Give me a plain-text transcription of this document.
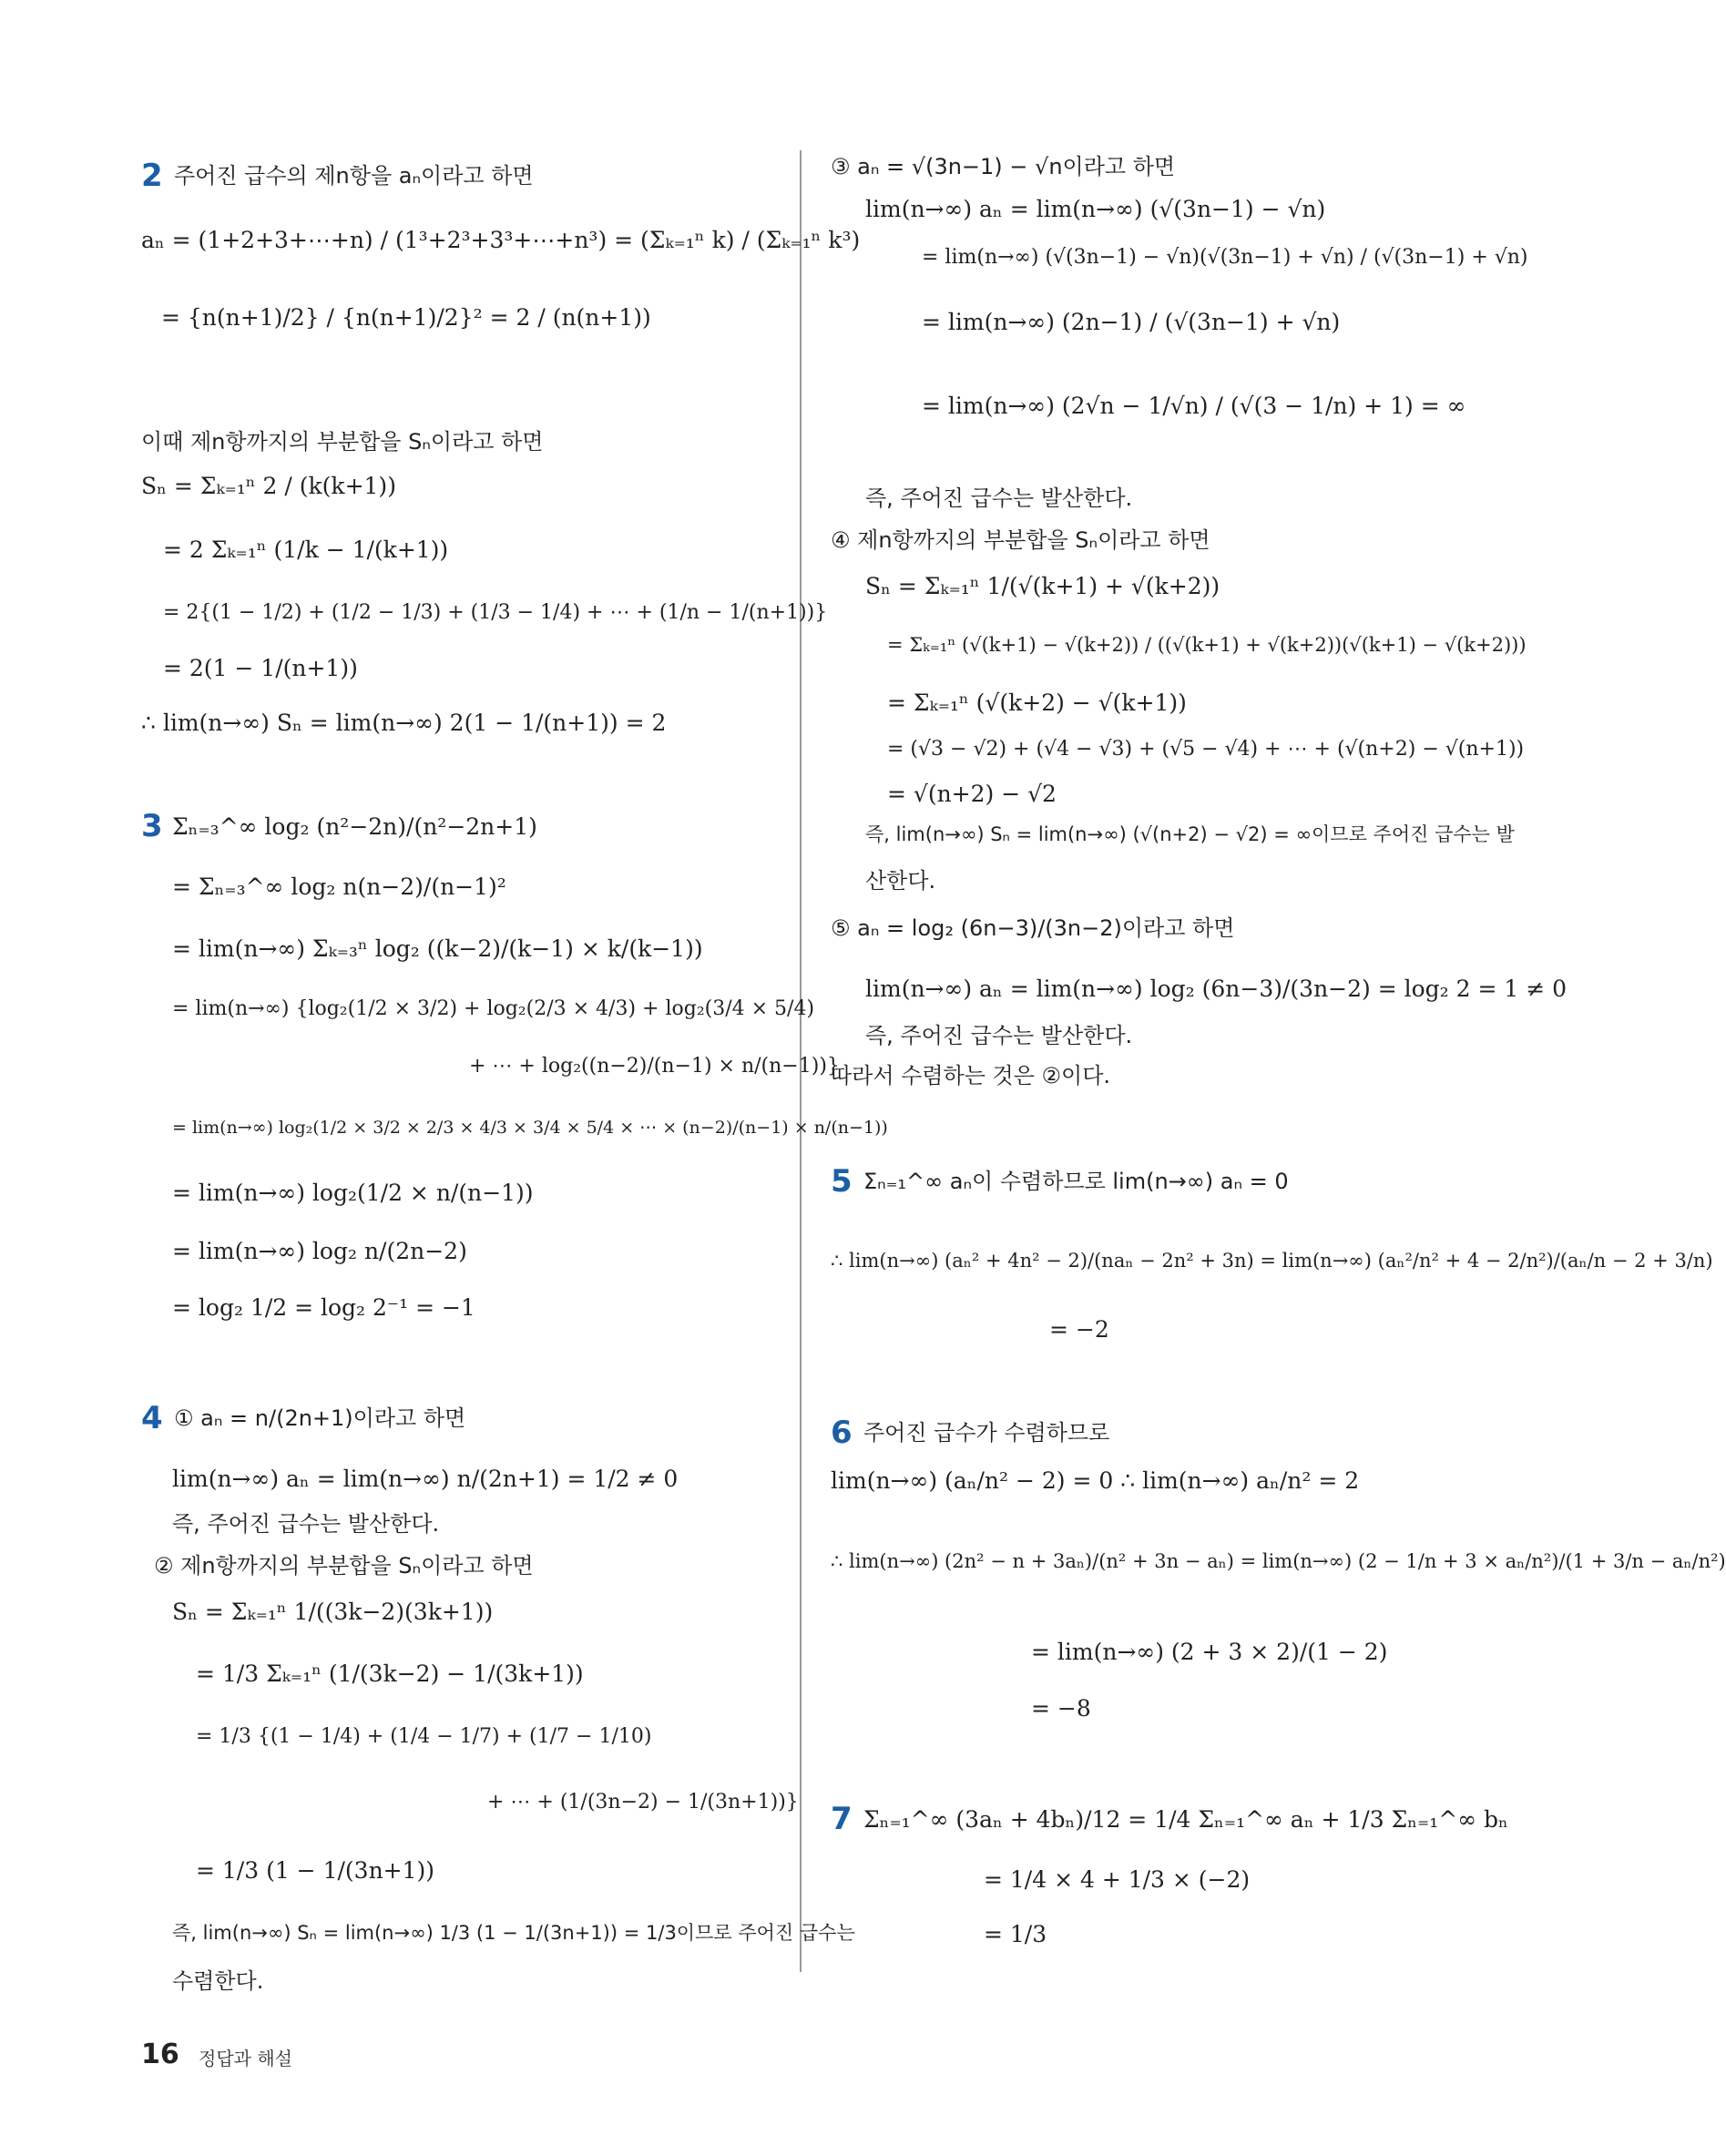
2 주어진 급수의 제n항을 aₙ이라고 하면
aₙ = (1+2+3+⋯+n) / (1³+2³+3³+⋯+n³) = (Σₖ₌₁ⁿ k) / (Σₖ₌₁ⁿ k³)
= {n(n+1)/2} / {n(n+1)/2}² = 2 / (n(n+1))
이때 제n항까지의 부분합을 Sₙ이라고 하면
Sₙ = Σₖ₌₁ⁿ 2 / (k(k+1))
= 2 Σₖ₌₁ⁿ (1/k − 1/(k+1))
= 2{(1 − 1/2) + (1/2 − 1/3) + (1/3 − 1/4) + ⋯ + (1/n − 1/(n+1))}
= 2(1 − 1/(n+1))
∴ lim(n→∞) Sₙ = lim(n→∞) 2(1 − 1/(n+1)) = 2
3 Σₙ₌₃^∞ log₂ (n²−2n)/(n²−2n+1)
= Σₙ₌₃^∞ log₂ n(n−2)/(n−1)²
= lim(n→∞) Σₖ₌₃ⁿ log₂ ((k−2)/(k−1) × k/(k−1))
= lim(n→∞) {log₂(1/2 × 3/2) + log₂(2/3 × 4/3) + log₂(3/4 × 5/4)
+ ⋯ + log₂((n−2)/(n−1) × n/(n−1))}
= lim(n→∞) log₂(1/2 × 3/2 × 2/3 × 4/3 × 3/4 × 5/4 × ⋯ × (n−2)/(n−1) × n/(n−1))
= lim(n→∞) log₂(1/2 × n/(n−1))
= lim(n→∞) log₂ n/(2n−2)
= log₂ 1/2 = log₂ 2⁻¹ = −1
4 ① aₙ = n/(2n+1)이라고 하면
lim(n→∞) aₙ = lim(n→∞) n/(2n+1) = 1/2 ≠ 0
즉, 주어진 급수는 발산한다.
② 제n항까지의 부분합을 Sₙ이라고 하면
Sₙ = Σₖ₌₁ⁿ 1/((3k−2)(3k+1))
= 1/3 Σₖ₌₁ⁿ (1/(3k−2) − 1/(3k+1))
= 1/3 {(1 − 1/4) + (1/4 − 1/7) + (1/7 − 1/10)
+ ⋯ + (1/(3n−2) − 1/(3n+1))}
= 1/3 (1 − 1/(3n+1))
즉, lim(n→∞) Sₙ = lim(n→∞) 1/3 (1 − 1/(3n+1)) = 1/3이므로 주어진 급수는
수렴한다.
③ aₙ = √(3n−1) − √n이라고 하면
lim(n→∞) aₙ = lim(n→∞) (√(3n−1) − √n)
= lim(n→∞) (√(3n−1) − √n)(√(3n−1) + √n) / (√(3n−1) + √n)
= lim(n→∞) (2n−1) / (√(3n−1) + √n)
= lim(n→∞) (2√n − 1/√n) / (√(3 − 1/n) + 1) = ∞
즉, 주어진 급수는 발산한다.
④ 제n항까지의 부분합을 Sₙ이라고 하면
Sₙ = Σₖ₌₁ⁿ 1/(√(k+1) + √(k+2))
= Σₖ₌₁ⁿ (√(k+1) − √(k+2)) / ((√(k+1) + √(k+2))(√(k+1) − √(k+2)))
= Σₖ₌₁ⁿ (√(k+2) − √(k+1))
= (√3 − √2) + (√4 − √3) + (√5 − √4) + ⋯ + (√(n+2) − √(n+1))
= √(n+2) − √2
즉, lim(n→∞) Sₙ = lim(n→∞) (√(n+2) − √2) = ∞이므로 주어진 급수는 발
산한다.
⑤ aₙ = log₂ (6n−3)/(3n−2)이라고 하면
lim(n→∞) aₙ = lim(n→∞) log₂ (6n−3)/(3n−2) = log₂ 2 = 1 ≠ 0
즉, 주어진 급수는 발산한다.
따라서 수렴하는 것은 ②이다.
5 Σₙ₌₁^∞ aₙ이 수렴하므로 lim(n→∞) aₙ = 0
∴ lim(n→∞) (aₙ² + 4n² − 2)/(naₙ − 2n² + 3n) = lim(n→∞) (aₙ²/n² + 4 − 2/n²)/(aₙ/n − 2 + 3/n)
= −2
6 주어진 급수가 수렴하므로
lim(n→∞) (aₙ/n² − 2) = 0 ∴ lim(n→∞) aₙ/n² = 2
∴ lim(n→∞) (2n² − n + 3aₙ)/(n² + 3n − aₙ) = lim(n→∞) (2 − 1/n + 3 × aₙ/n²)/(1 + 3/n − aₙ/n²)
= lim(n→∞) (2 + 3 × 2)/(1 − 2)
= −8
7 Σₙ₌₁^∞ (3aₙ + 4bₙ)/12 = 1/4 Σₙ₌₁^∞ aₙ + 1/3 Σₙ₌₁^∞ bₙ
= 1/4 × 4 + 1/3 × (−2)
= 1/3
16 정답과 해설
